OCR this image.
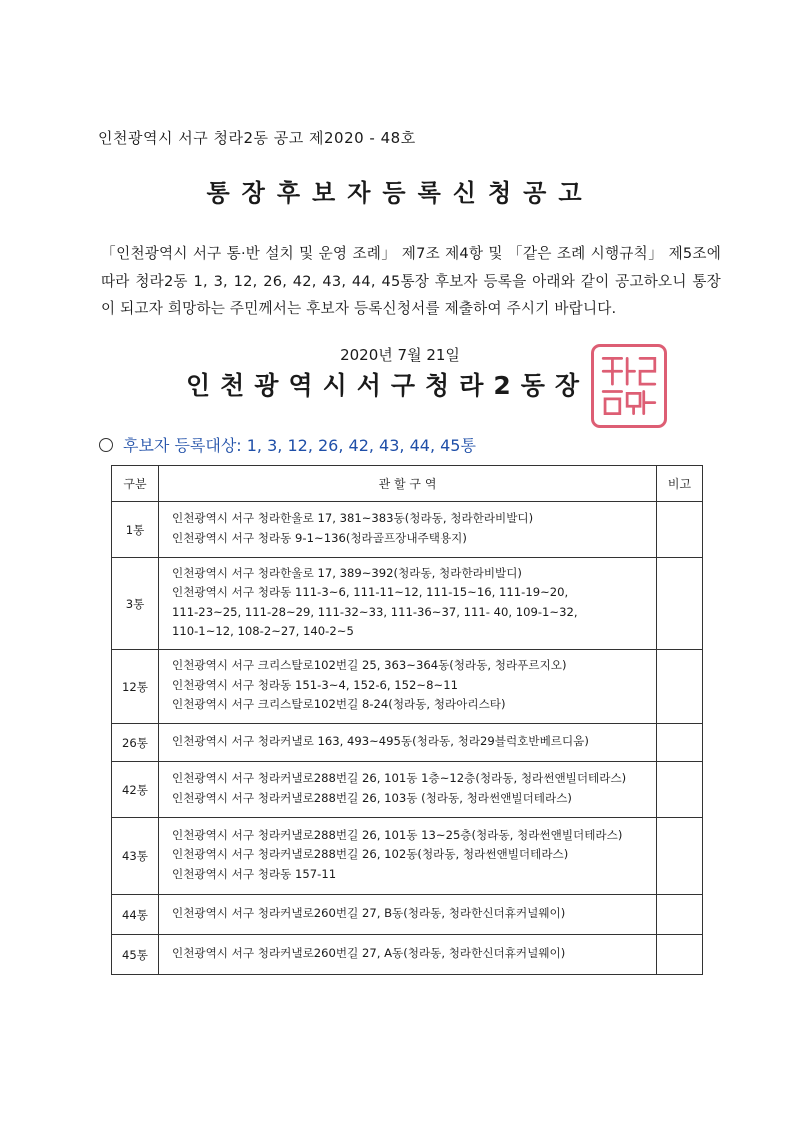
인천광역시 서구 청라2동 공고 제2020 - 48호
통장후보자등록신청공고
「인천광역시 서구 통·반 설치 및 운영 조례」 제7조 제4항 및 「같은 조례 시행규칙」 제5조에 따라 청라2동 1, 3, 12, 26, 42, 43, 44, 45통장 후보자 등록을 아래와 같이 공고하오니 통장이 되고자 희망하는 주민께서는 후보자 등록신청서를 제출하여 주시기 바랍니다.
2020년 7월 21일
인천광역시서구청라2동장
후보자 등록대상: 1, 3, 12, 26, 42, 43, 44, 45통
구분	관 할 구 역	비고
1통	인천광역시 서구 청라한울로 17, 381~383동(청라동, 청라한라비발디)
인천광역시 서구 청라동 9-1~136(청라골프장내주택용지)	

3통	인천광역시 서구 청라한울로 17, 389~392(청라동, 청라한라비발디)
인천광역시 서구 청라동 111-3~6, 111-11~12, 111-15~16, 111-19~20,
111-23~25, 111-28~29, 111-32~33, 111-36~37, 111- 40, 109-1~32,
110-1~12, 108-2~27, 140-2~5	

12통	인천광역시 서구 크리스탈로102번길 25, 363~364동(청라동, 청라푸르지오)
인천광역시 서구 청라동 151-3~4, 152-6, 152~8~11
인천광역시 서구 크리스탈로102번길 8-24(청라동, 청라아리스타)	

26통	인천광역시 서구 청라커낼로 163, 493~495동(청라동, 청라29블럭호반베르디움)	

42통	인천광역시 서구 청라커낼로288번길 26, 101동 1층~12층(청라동, 청라썬앤빌더테라스)
인천광역시 서구 청라커낼로288번길 26, 103동 (청라동, 청라썬앤빌더테라스)	

43통	인천광역시 서구 청라커낼로288번길 26, 101동 13~25층(청라동, 청라썬앤빌더테라스)
인천광역시 서구 청라커낼로288번길 26, 102동(청라동, 청라썬앤빌더테라스)
인천광역시 서구 청라동 157-11	

44통	인천광역시 서구 청라커낼로260번길 27, B동(청라동, 청라한신더휴커널웨이)	

45통	인천광역시 서구 청라커낼로260번길 27, A동(청라동, 청라한신더휴커널웨이)	
